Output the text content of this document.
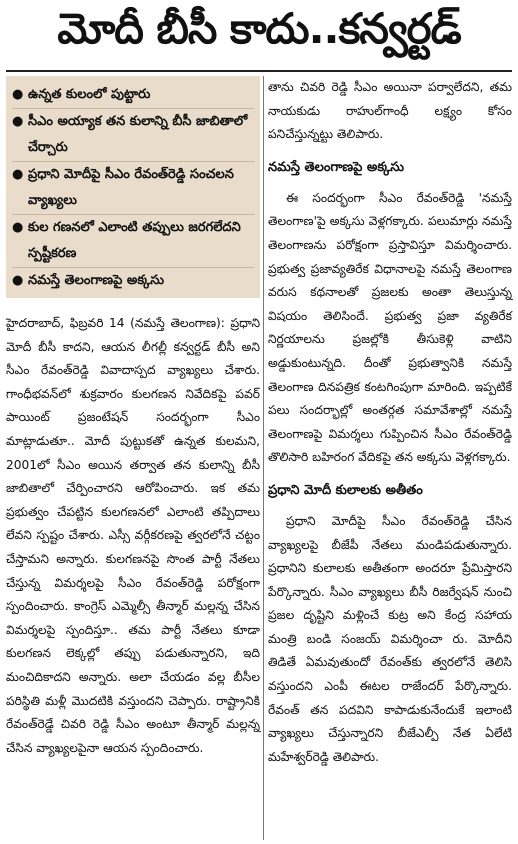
మోదీ బీసీ కాదు..కన్వర్టడ్
● ఉన్నత కులంలో పుట్టారు
● సీఎం అయ్యాక తన కులాన్ని బీసీ జాబితాలో చేర్చారు
● ప్రధాని మోదీపై సీఎం రేవంత్‌రెడ్డి సంచలన వ్యాఖ్యలు
● కుల గణనలో ఎలాంటి తప్పులు జరగలేదని స్పష్టీకరణ
● నమస్తే తెలంగాణపై అక్కసు

హైదరాబాద్, ఫిబ్రవరి 14 (నమస్తే తెలంగాణ): ప్రధాని మోదీ బీసీ కాదని, ఆయన లీగల్లీ కన్వర్టడ్ బీసీ అని సీఎం రేవంత్‌రెడ్డి వివాదాస్పద వ్యాఖ్యలు చేశారు. గాంధీభవన్‌లో శుక్రవారం కులగణన నివేదికపై పవర్ పాయింట్ ప్రజంటేషన్ సందర్భంగా సీఎం మాట్లాడుతూ.. మోదీ పుట్టుకతో ఉన్నత కులమని, 2001లో సీఎం అయిన తర్వాత తన కులాన్ని బీసీ జాబితాలో చేర్పించారని ఆరోపించారు. ఇక తమ ప్రభుత్వం చేపట్టిన కులగణనలో ఎలాంటి తప్పిదాలు లేవని స్పష్టం చేశారు. ఎస్సీ వర్గీకరణపై త్వరలోనే చట్టం చేస్తామని అన్నారు. కులగణనపై సొంత పార్టీ నేతలు చేస్తున్న విమర్శలపై సీఎం రేవంత్‌రెడ్డి పరోక్షంగా స్పందించారు. కాంగ్రెస్ ఎమ్మెల్సీ తీన్మార్ మల్లన్న చేసిన విమర్శలపై స్పందిస్తూ.. తమ పార్టీ నేతలు కూడా కులగణన లెక్కల్లో తప్పు పడుతున్నారని, ఇది మంచిదికాదని అన్నారు. అలా చేయడం వల్ల బీసీల పరిస్థితి మళ్లీ మొదటికి వస్తుందని చెప్పారు. రాష్ట్రానికి రేవంత్‌రెడ్డే చివరి రెడ్డి సీఎం అంటూ తీన్మార్ మల్లన్న చేసిన వ్యాఖ్యలపైనా ఆయన స్పందించారు.

తాను చివరి రెడ్డి సీఎం అయినా పర్వాలేదని, తమ నాయకుడు రాహుల్‌గాంధీ లక్ష్యం కోసం పనిచేస్తున్నట్టు తెలిపారు.

నమస్తే తెలంగాణపై అక్కసు

ఈ సందర్భంగా సీఎం రేవంత్‌రెడ్డి 'నమస్తే తెలంగాణ'పై అక్కసు వెళ్లగక్కారు. పలుమార్లు నమస్తే తెలంగాణను పరోక్షంగా ప్రస్తావిస్తూ విమర్శించారు. ప్రభుత్వ ప్రజావ్యతిరేక విధానాలపై నమస్తే తెలంగాణ వరుస కథనాలతో ప్రజలకు అంతా తెలుస్తున్న విషయం తెలిసిందే. ప్రభుత్వ ప్రజా వ్యతిరేక నిర్ణయాలను ప్రజల్లోకి తీసుకెళ్లి వాటిని అడ్డుకుంటున్నది. దీంతో ప్రభుత్వానికి నమస్తే తెలంగాణ దినపత్రిక కంటగింపుగా మారింది. ఇప్పటికే పలు సందర్భాల్లో అంతర్గత సమావేశాల్లో నమస్తే తెలంగాణపై విమర్శలు గుప్పించిన సీఎం రేవంత్‌రెడ్డి తొలిసారి బహిరంగ వేదికపై తన అక్కసు వెళ్లగక్కారు.

ప్రధాని మోదీ కులాలకు అతీతం

ప్రధాని మోదీపై సీఎం రేవంత్‌రెడ్డి చేసిన వ్యాఖ్యలపై బీజేపీ నేతలు మండిపడుతున్నారు. ప్రధానిని కులాలకు అతీతంగా అందరూ ప్రేమిస్తారని పేర్కొన్నారు. సీఎం వ్యాఖ్యలు బీసీ రిజర్వేషన్ నుంచి ప్రజల దృష్టిని మళ్లించే కుట్ర అని కేంద్ర సహాయ మంత్రి బండి సంజయ్ విమర్శించా రు. మోదీని తిడితే ఏమవుతుందో రేవంత్‌కు త్వరలోనే తెలిసి వస్తుందని ఎంపీ ఈటల రాజేందర్ పేర్కొన్నారు. రేవంత్ తన పదవిని కాపాడుకునేందుకే ఇలాంటి వ్యాఖ్యలు చేస్తున్నారని బీజేఎల్పీ నేత ఏలేటి మహేశ్వర్‌రెడ్డి తెలిపారు.
